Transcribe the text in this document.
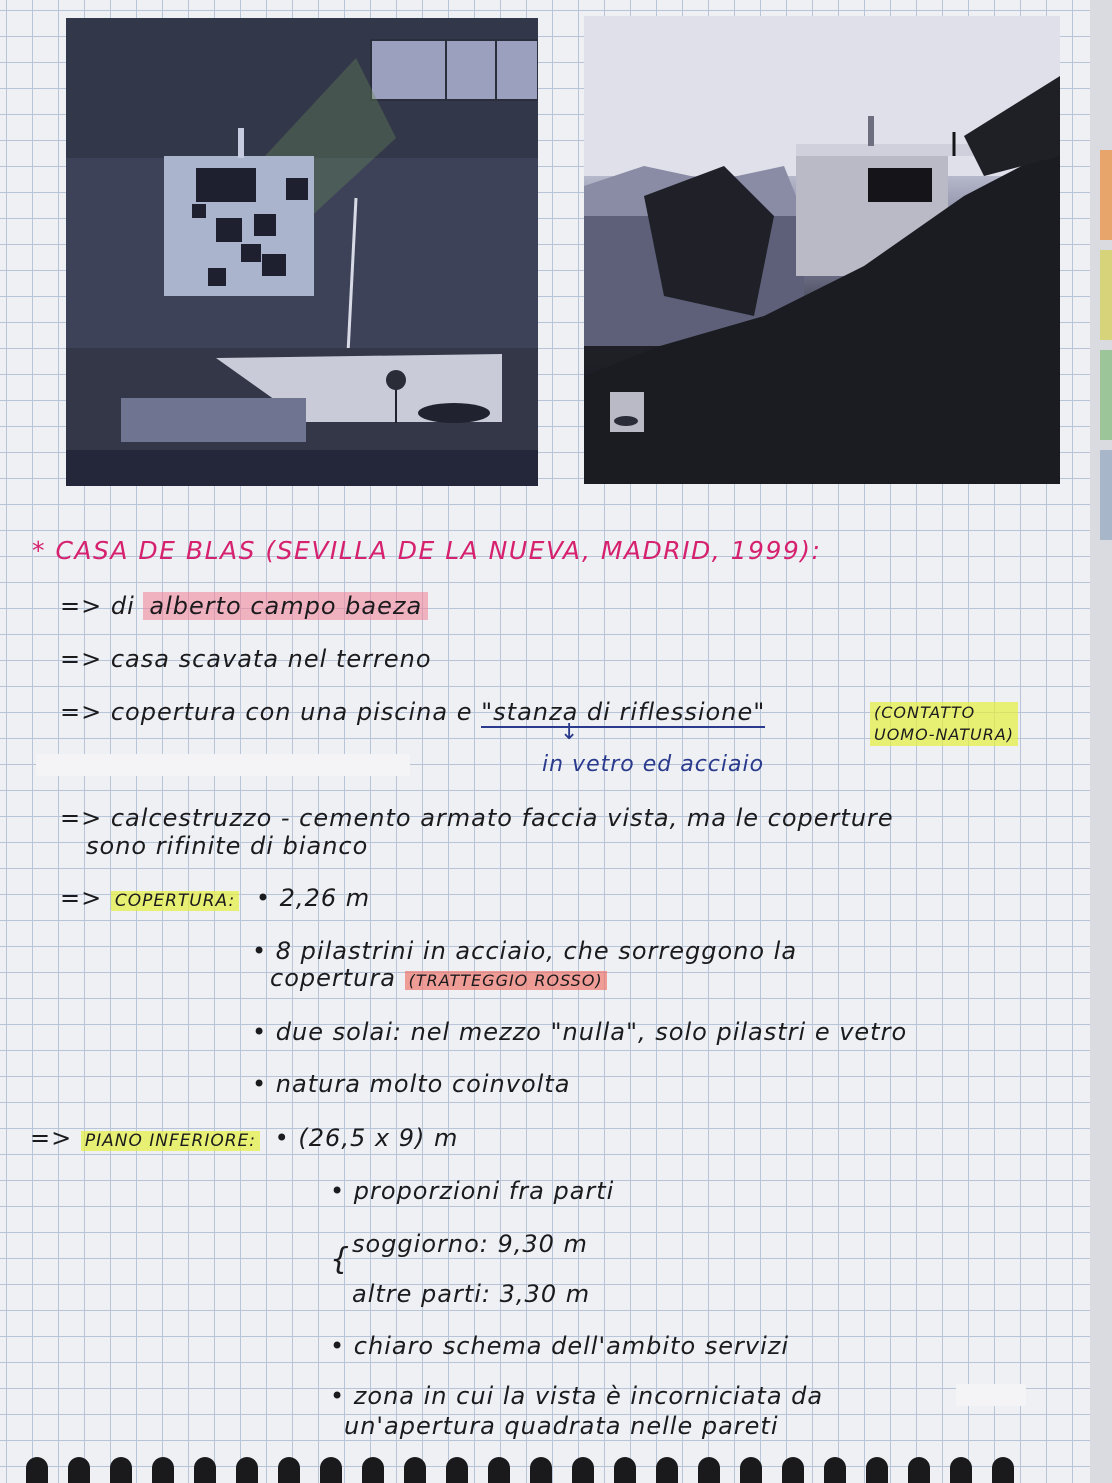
* CASA DE BLAS (SEVILLA DE LA NUEVA, MADRID, 1999):
=> di alberto campo baeza
=> casa scavata nel terreno
=> copertura con una piscina e "stanza di riflessione"	(CONTATTO
UOMO-NATURA)
↓
in vetro ed acciaio
=> calcestruzzo - cemento armato faccia vista, ma le coperture
sono rifinite di bianco
=> COPERTURA: • 2,26 m
• 8 pilastrini in acciaio, che sorreggono la
copertura (TRATTEGGIO ROSSO)
• due solai: nel mezzo "nulla", solo pilastri e vetro
• natura molto coinvolta
=> PIANO INFERIORE: • (26,5 x 9) m
• proporzioni fra parti
{ soggiorno: 9,30 m
altre parti: 3,30 m
• chiaro schema dell'ambito servizi
• zona in cui la vista è incorniciata da
un'apertura quadrata nelle pareti
